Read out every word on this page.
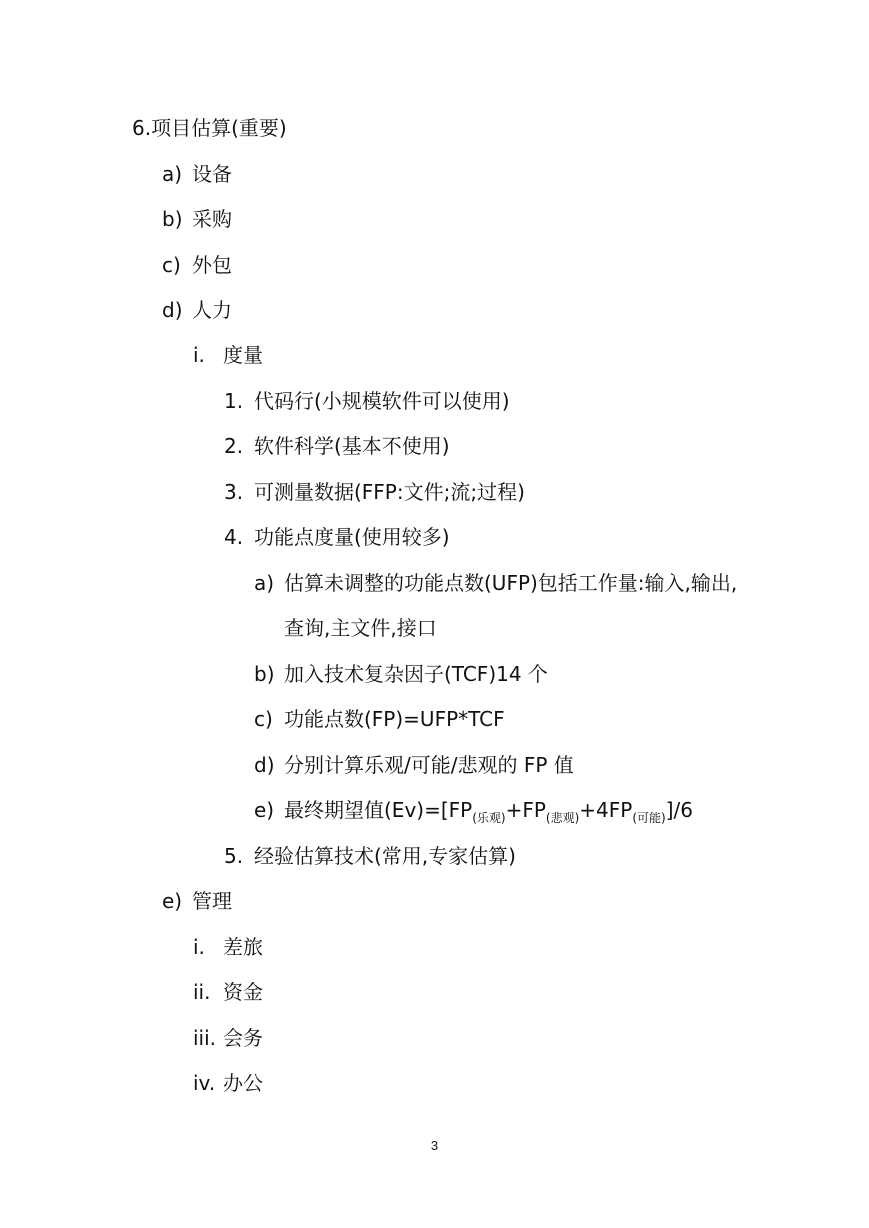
6.项目估算(重要)
a) 设备
b) 采购
c) 外包
d) 人力
i. 度量
1. 代码行(小规模软件可以使用)
2. 软件科学(基本不使用)
3. 可测量数据(FFP:文件;流;过程)
4. 功能点度量(使用较多)
a) 估算未调整的功能点数(UFP)包括工作量:输入,输出,
查询,主文件,接口
b) 加入技术复杂因子(TCF)14 个
c) 功能点数(FP)=UFP*TCF
d) 分别计算乐观/可能/悲观的 FP 值
e) 最终期望值$(Ev)=[FP_{(乐观)}+FP_{(悲观)}+4FP_{(可能)}]/6$
5. 经验估算技术(常用,专家估算)
e) 管理
i. 差旅
ii. 资金
iii. 会务
iv. 办公
3
